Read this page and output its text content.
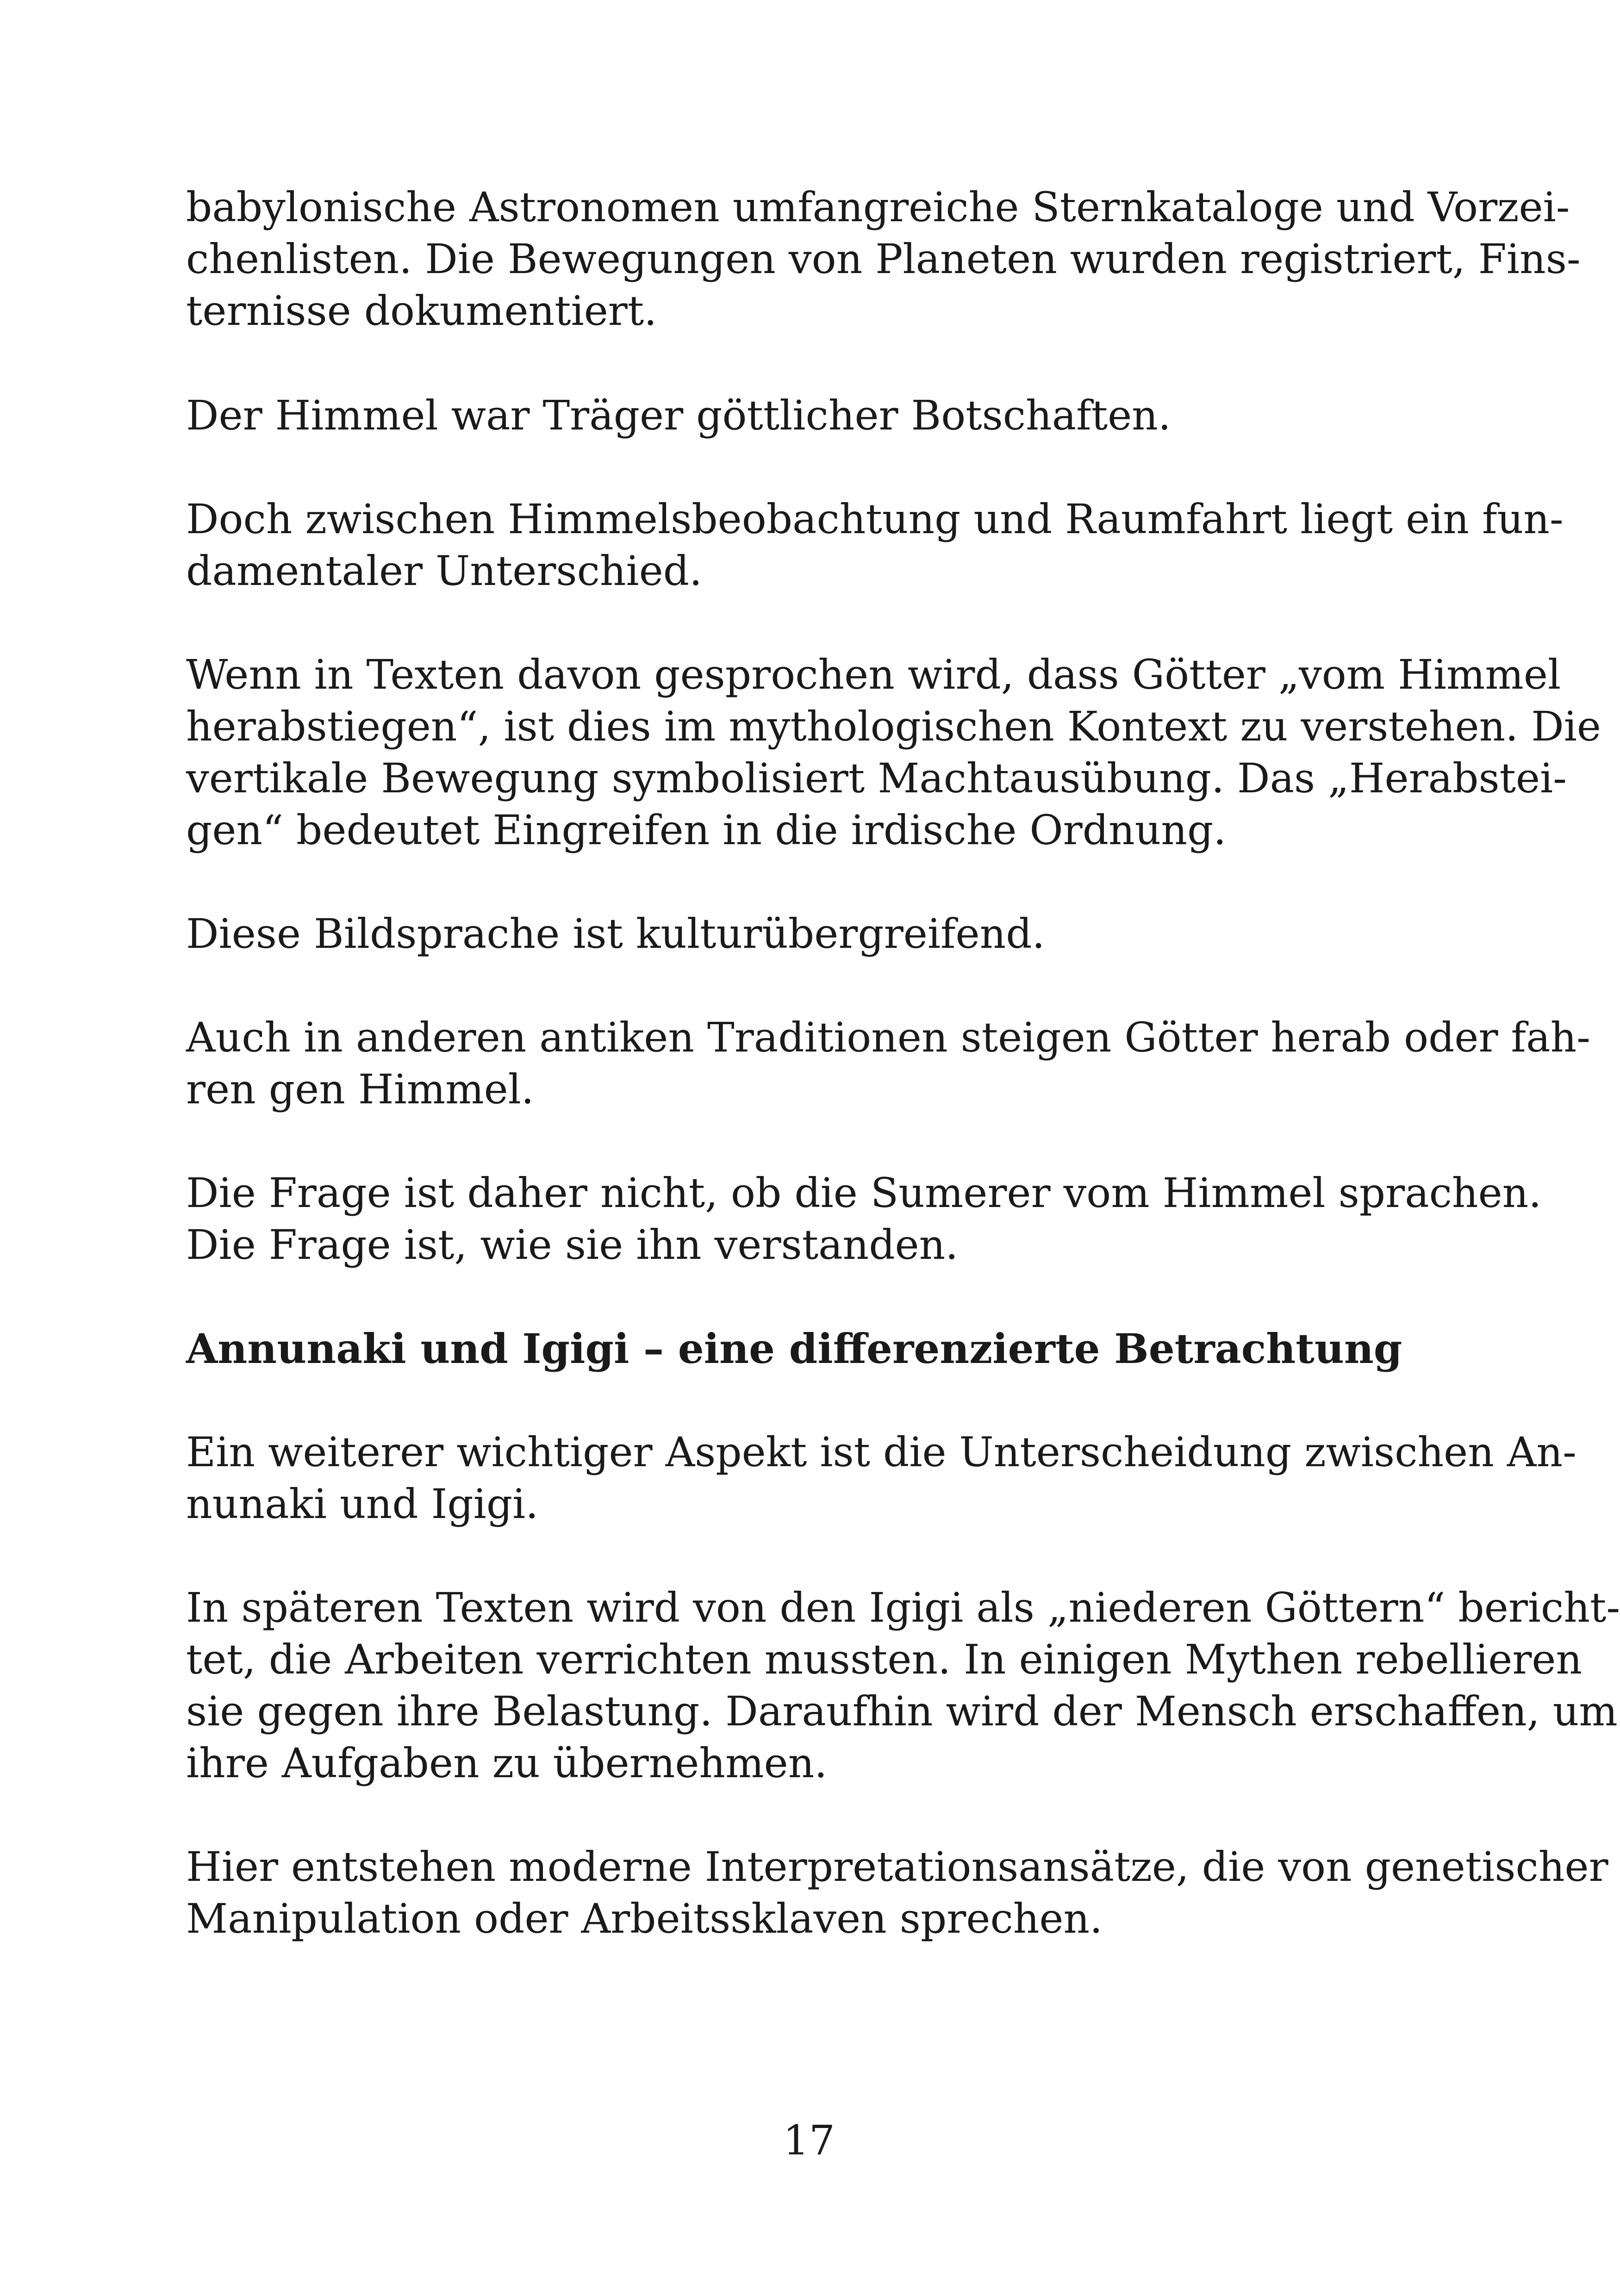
babylonische Astronomen umfangreiche Sternkataloge und Vorzei-

chenlisten. Die Bewegungen von Planeten wurden registriert, Fins-

ternisse dokumentiert.

Der Himmel war Träger göttlicher Botschaften.

Doch zwischen Himmelsbeobachtung und Raumfahrt liegt ein fun-

damentaler Unterschied.

Wenn in Texten davon gesprochen wird, dass Götter „vom Himmel

herabstiegen“, ist dies im mythologischen Kontext zu verstehen. Die

vertikale Bewegung symbolisiert Machtausübung. Das „Herabstei-

gen“ bedeutet Eingreifen in die irdische Ordnung.

Diese Bildsprache ist kulturübergreifend.

Auch in anderen antiken Traditionen steigen Götter herab oder fah-

ren gen Himmel.

Die Frage ist daher nicht, ob die Sumerer vom Himmel sprachen.

Die Frage ist, wie sie ihn verstanden.

Annunaki und Igigi – eine differenzierte Betrachtung

Ein weiterer wichtiger Aspekt ist die Unterscheidung zwischen An-

nunaki und Igigi.

In späteren Texten wird von den Igigi als „niederen Göttern“ bericht-

tet, die Arbeiten verrichten mussten. In einigen Mythen rebellieren

sie gegen ihre Belastung. Daraufhin wird der Mensch erschaffen, um

ihre Aufgaben zu übernehmen.

Hier entstehen moderne Interpretationsansätze, die von genetischer

Manipulation oder Arbeitssklaven sprechen.

17
